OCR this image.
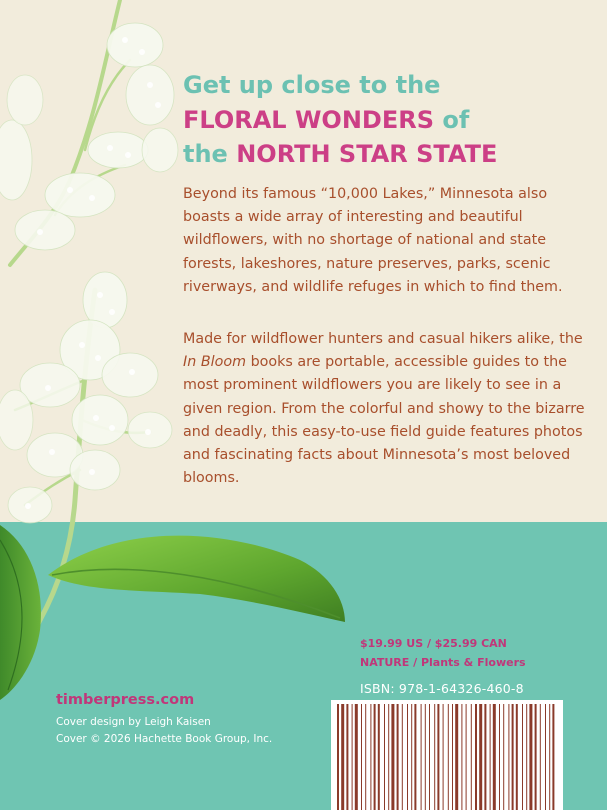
Get up close to the
FLORAL WONDERS of
the NORTH STAR STATE

Beyond its famous “10,000 Lakes,” Minnesota also boasts a wide array of interesting and beautiful wildflowers, with no shortage of national and state forests, lakeshores, nature preserves, parks, scenic riverways, and wildlife refuges in which to find them.

Made for wildflower hunters and casual hikers alike, the In Bloom books are portable, accessible guides to the most prominent wildflowers you are likely to see in a given region. From the colorful and showy to the bizarre and deadly, this easy-to-use field guide features photos and fascinating facts about Minnesota’s most beloved blooms.

$19.99 US / $25.99 CAN
NATURE / Plants & Flowers
ISBN: 978-1-64326-460-8
timberpress.com
Cover design by Leigh Kaisen
Cover © 2026 Hachette Book Group, Inc.
